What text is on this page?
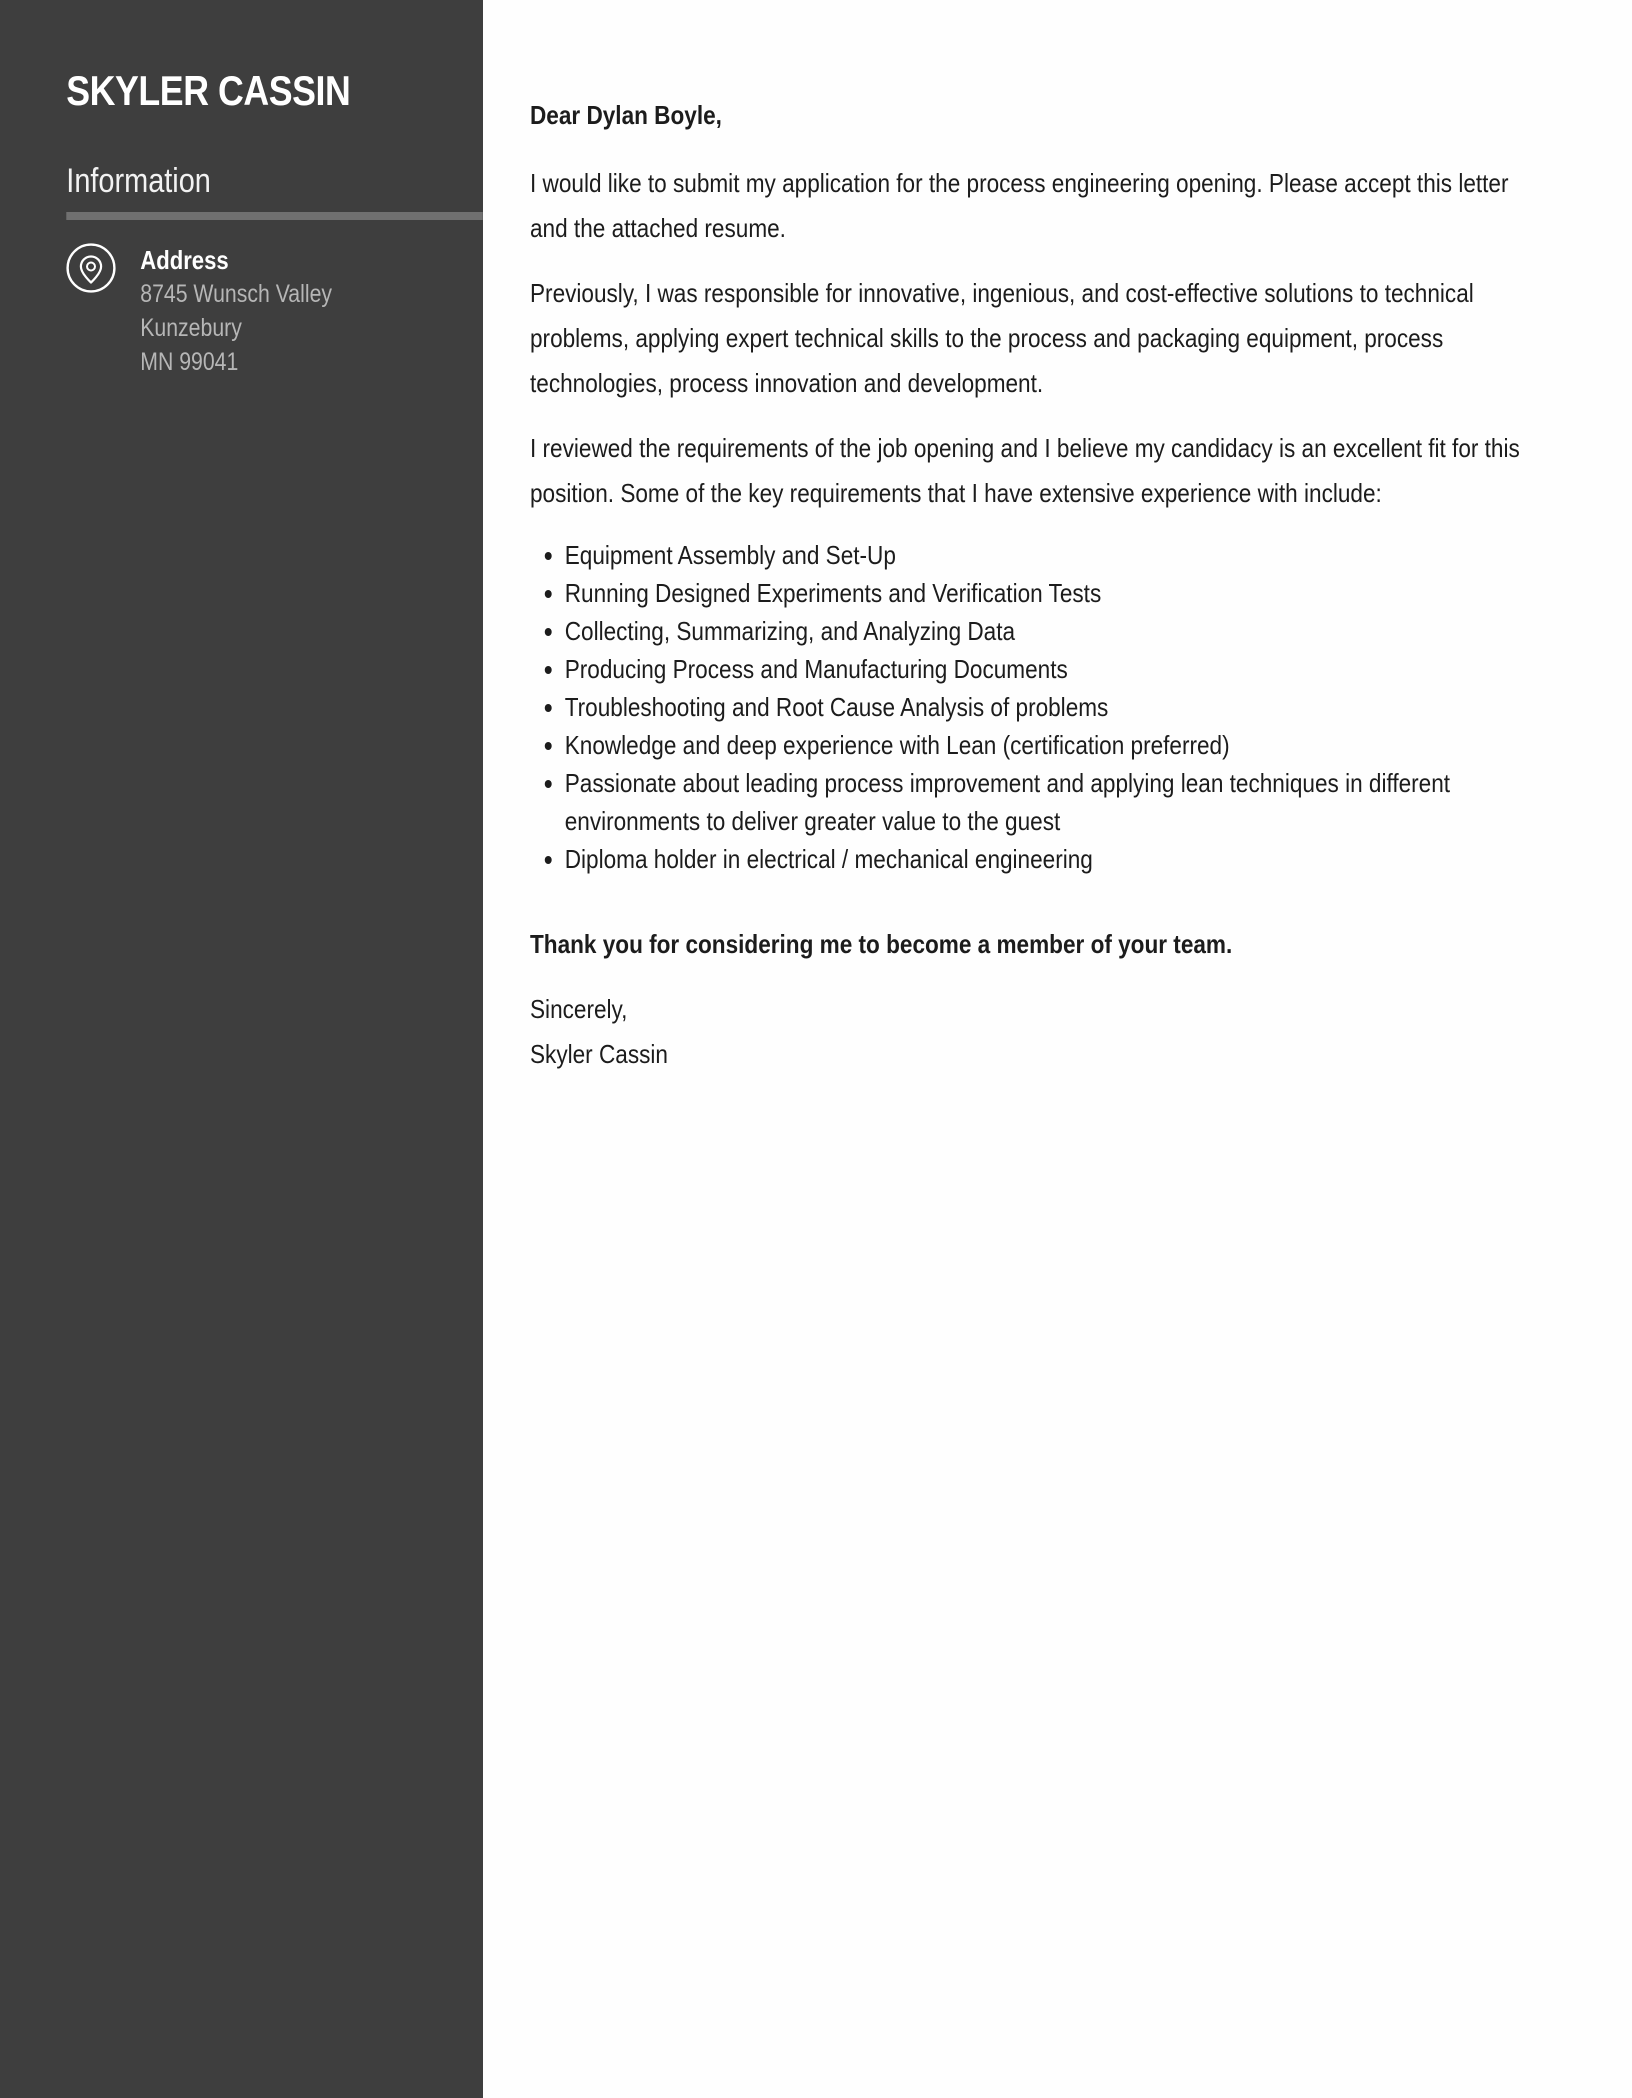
SKYLER CASSIN
Information
Address
8745 Wunsch Valley
Kunzebury
MN 99041

Dear Dylan Boyle,

I would like to submit my application for the process engineering opening. Please accept this letter and the attached resume.

Previously, I was responsible for innovative, ingenious, and cost-effective solutions to technical problems, applying expert technical skills to the process and packaging equipment, process technologies, process innovation and development.

I reviewed the requirements of the job opening and I believe my candidacy is an excellent fit for this position. Some of the key requirements that I have extensive experience with include:

• Equipment Assembly and Set-Up
• Running Designed Experiments and Verification Tests
• Collecting, Summarizing, and Analyzing Data
• Producing Process and Manufacturing Documents
• Troubleshooting and Root Cause Analysis of problems
• Knowledge and deep experience with Lean (certification preferred)
• Passionate about leading process improvement and applying lean techniques in different environments to deliver greater value to the guest
• Diploma holder in electrical / mechanical engineering

Thank you for considering me to become a member of your team.

Sincerely,
Skyler Cassin
